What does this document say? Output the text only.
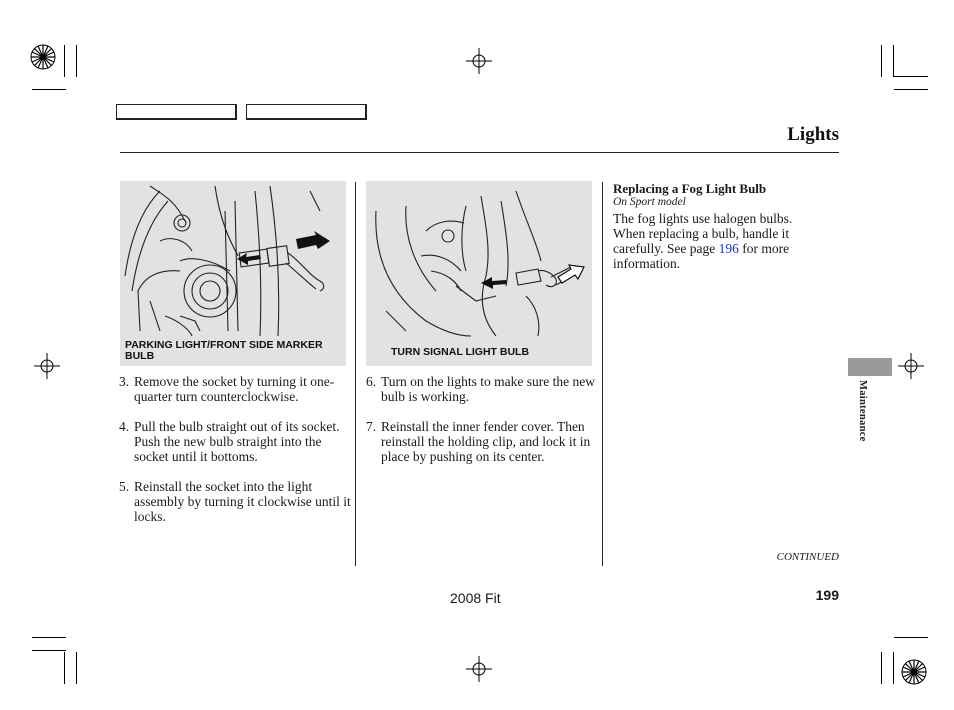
Lights
PARKING LIGHT/FRONT SIDE MARKER BULB	TURN SIGNAL LIGHT BULB
3. Remove the socket by turning it one-quarter turn counterclockwise.
4. Pull the bulb straight out of its socket. Push the new bulb straight into the socket until it bottoms.
5. Reinstall the socket into the light assembly by turning it clockwise until it locks.
6. Turn on the lights to make sure the new bulb is working.
7. Reinstall the inner fender cover. Then reinstall the holding clip, and lock it in place by pushing on its center.
Replacing a Fog Light Bulb
On Sport model
The fog lights use halogen bulbs. When replacing a bulb, handle it carefully. See page 196 for more information.
Maintenance
CONTINUED
2008 Fit	199
